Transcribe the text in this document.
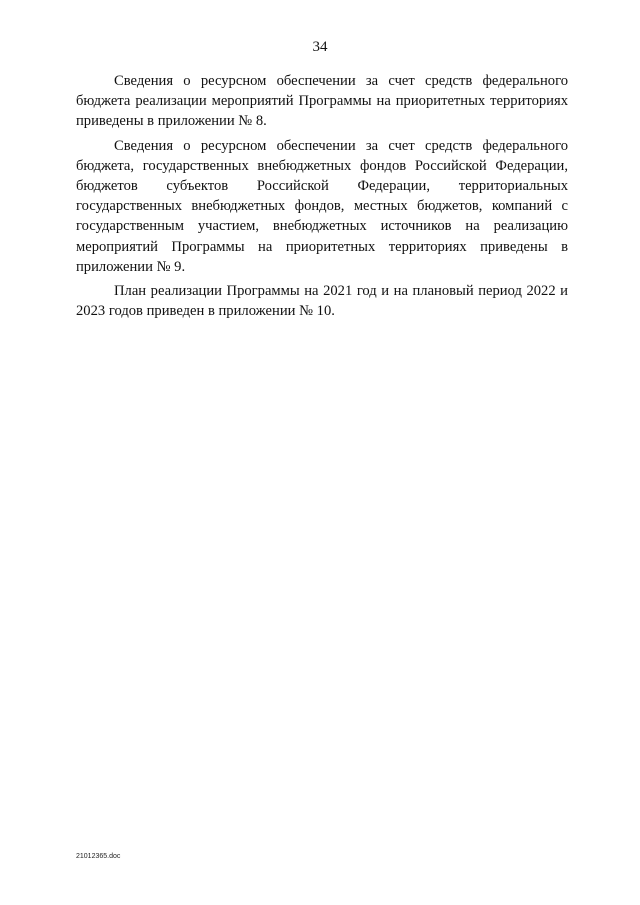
34

Сведения о ресурсном обеспечении за счет средств федерального бюджета реализации мероприятий Программы на приоритетных территориях приведены в приложении № 8.

Сведения о ресурсном обеспечении за счет средств федерального бюджета, государственных внебюджетных фондов Российской Федерации, бюджетов субъектов Российской Федерации, территориальных государственных внебюджетных фондов, местных бюджетов, компаний с государственным участием, внебюджетных источников на реализацию мероприятий Программы на приоритетных территориях приведены в приложении № 9.

План реализации Программы на 2021 год и на плановый период 2022 и 2023 годов приведен в приложении № 10.

21012365.doc
